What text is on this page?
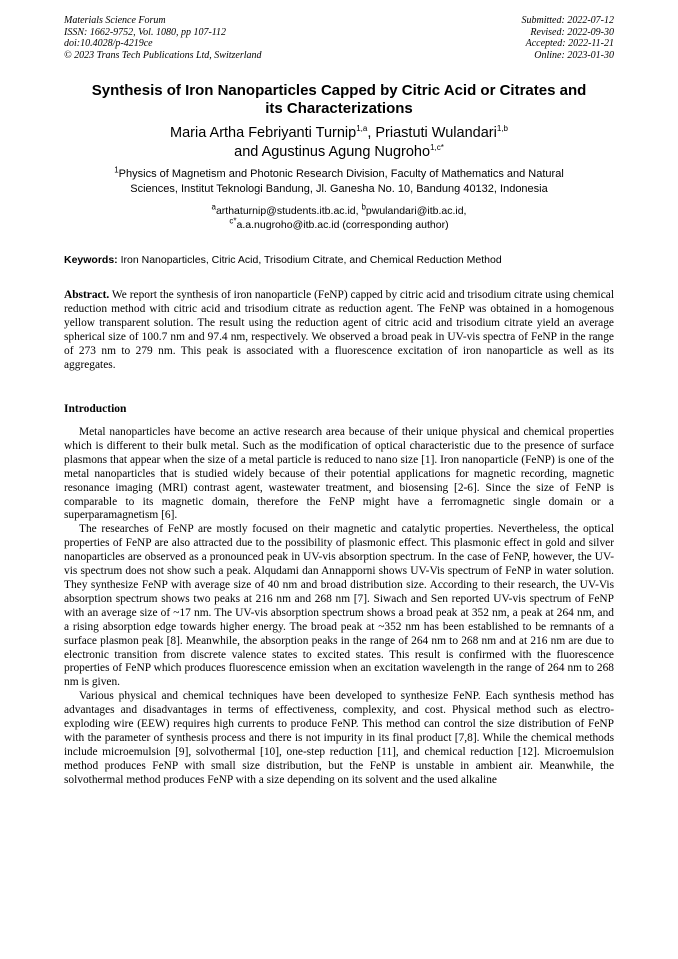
Materials Science Forum
ISSN: 1662-9752, Vol. 1080, pp 107-112
doi:10.4028/p-4219ce
© 2023 Trans Tech Publications Ltd, Switzerland
Submitted: 2022-07-12
Revised: 2022-09-30
Accepted: 2022-11-21
Online: 2023-01-30
Synthesis of Iron Nanoparticles Capped by Citric Acid or Citrates and
its Characterizations
Maria Artha Febriyanti Turnip$^{1,a}$, Priastuti Wulandari$^{1,b}$
and Agustinus Agung Nugroho$^{1,c*}$
$^1$Physics of Magnetism and Photonic Research Division, Faculty of Mathematics and Natural
Sciences, Institut Teknologi Bandung, Jl. Ganesha No. 10, Bandung 40132, Indonesia
$^a$arthaturnip@students.itb.ac.id, $^b$pwulandari@itb.ac.id,
$^{c*}$a.a.nugroho@itb.ac.id (corresponding author)
Keywords: Iron Nanoparticles, Citric Acid, Trisodium Citrate, and Chemical Reduction Method
Abstract. We report the synthesis of iron nanoparticle (FeNP) capped by citric acid and trisodium citrate using chemical reduction method with citric acid and trisodium citrate as reduction agent. The FeNP was obtained in a homogenous yellow transparent solution. The result using the reduction agent of citric acid and trisodium citrate yield an average spherical size of 100.7 nm and 97.4 nm, respectively. We observed a broad peak in UV-vis spectra of FeNP in the range of 273 nm to 279 nm. This peak is associated with a fluorescence excitation of iron nanoparticle as well as its aggregates.
Introduction

Metal nanoparticles have become an active research area because of their unique physical and chemical properties which is different to their bulk metal. Such as the modification of optical characteristic due to the presence of surface plasmons that appear when the size of a metal particle is reduced to nano size [1]. Iron nanoparticle (FeNP) is one of the metal nanoparticles that is studied widely because of their potential applications for magnetic recording, magnetic resonance imaging (MRI) contrast agent, wastewater treatment, and biosensing [2-6]. Since the size of FeNP is comparable to its magnetic domain, therefore the FeNP might have a ferromagnetic single domain or a superparamagnetism [6].

The researches of FeNP are mostly focused on their magnetic and catalytic properties. Nevertheless, the optical properties of FeNP are also attracted due to the possibility of plasmonic effect. This plasmonic effect in gold and silver nanoparticles are observed as a pronounced peak in UV-vis absorption spectrum. In the case of FeNP, however, the UV-vis spectrum does not show such a peak. Alqudami dan Annapporni shows UV-Vis spectrum of FeNP in water solution. They synthesize FeNP with average size of 40 nm and broad distribution size. According to their research, the UV-Vis absorption spectrum shows two peaks at 216 nm and 268 nm [7]. Siwach and Sen reported UV-vis spectrum of FeNP with an average size of ~17 nm. The UV-vis absorption spectrum shows a broad peak at 352 nm, a peak at 264 nm, and a rising absorption edge towards higher energy. The broad peak at ~352 nm has been established to be remnants of a surface plasmon peak [8]. Meanwhile, the absorption peaks in the range of 264 nm to 268 nm and at 216 nm are due to electronic transition from discrete valence states to excited states. This result is confirmed with the fluorescence properties of FeNP which produces fluorescence emission when an excitation wavelength in the range of 264 nm to 268 nm is given.

Various physical and chemical techniques have been developed to synthesize FeNP. Each synthesis method has advantages and disadvantages in terms of effectiveness, complexity, and cost. Physical method such as electro-exploding wire (EEW) requires high currents to produce FeNP. This method can control the size distribution of FeNP with the parameter of synthesis process and there is not impurity in its final product [7,8]. While the chemical methods include microemulsion [9], solvothermal [10], one-step reduction [11], and chemical reduction [12]. Microemulsion method produces FeNP with small size distribution, but the FeNP is unstable in ambient air. Meanwhile, the solvothermal method produces FeNP with a size depending on its solvent and the used alkaline
